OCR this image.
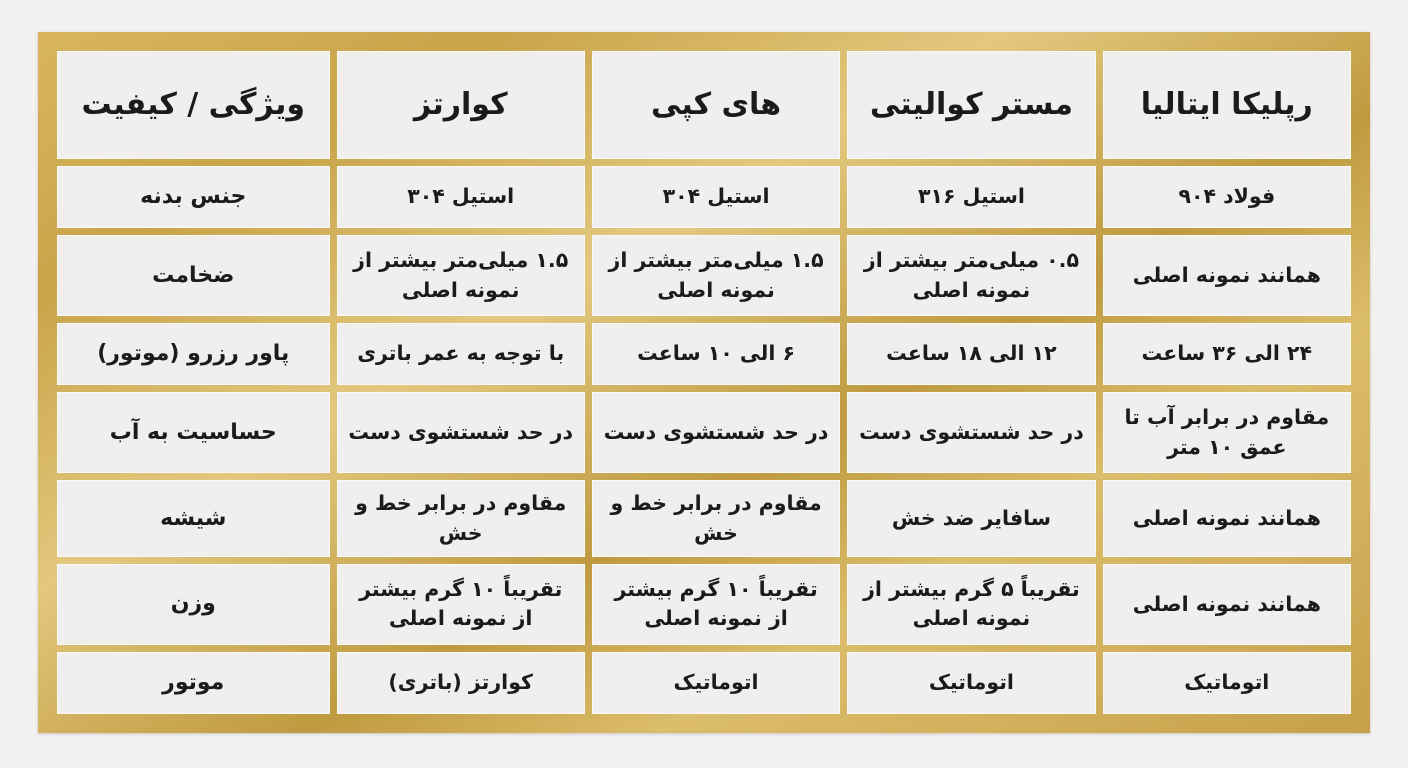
رپلیکا ایتالیا	مستر کوالیتی	های کپی	کوارتز	ویژگی / کیفیت
فولاد ۹۰۴	استیل ۳۱۶	استیل ۳۰۴	استیل ۳۰۴	جنس بدنه
همانند نمونه اصلی	۰.۵ میلی‌متر بیشتر از نمونه اصلی	۱.۵ میلی‌متر بیشتر از نمونه اصلی	۱.۵ میلی‌متر بیشتر از نمونه اصلی	ضخامت
۲۴ الی ۳۶ ساعت	۱۲ الی ۱۸ ساعت	۶ الی ۱۰ ساعت	با توجه به عمر باتری	پاور رزرو (موتور)
مقاوم در برابر آب تا عمق ۱۰ متر	در حد شستشوی دست	در حد شستشوی دست	در حد شستشوی دست	حساسیت به آب
همانند نمونه اصلی	سافایر ضد خش	مقاوم در برابر خط و خش	مقاوم در برابر خط و خش	شیشه
همانند نمونه اصلی	تقریباً ۵ گرم بیشتر از نمونه اصلی	تقریباً ۱۰ گرم بیشتر از نمونه اصلی	تقریباً ۱۰ گرم بیشتر از نمونه اصلی	وزن
اتوماتیک	اتوماتیک	اتوماتیک	کوارتز (باتری)	موتور
